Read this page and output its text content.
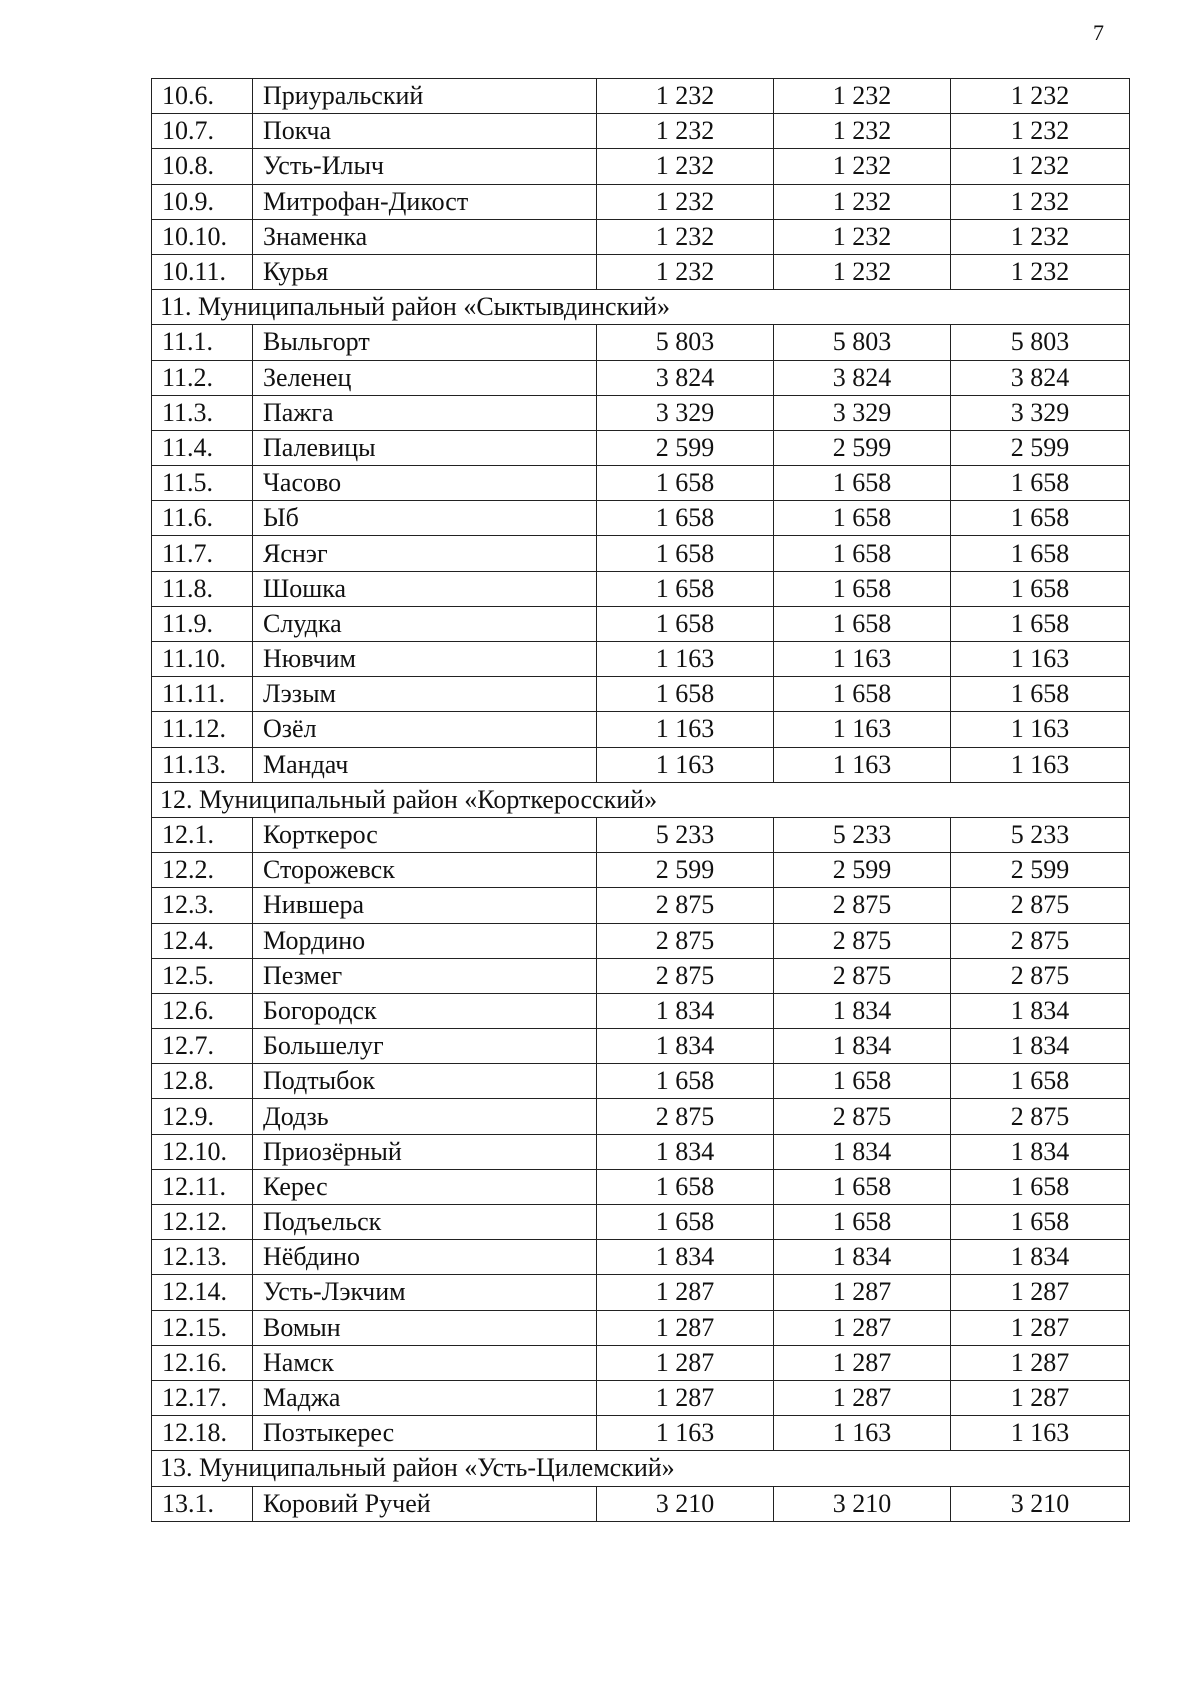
7
10.6.	Приуральский	1 232	1 232	1 232
10.7.	Покча	1 232	1 232	1 232
10.8.	Усть-Илыч	1 232	1 232	1 232
10.9.	Митрофан-Дикост	1 232	1 232	1 232
10.10.	Знаменка	1 232	1 232	1 232
10.11.	Курья	1 232	1 232	1 232
11. Муниципальный район «Сыктывдинский»				
11.1.	Выльгорт	5 803	5 803	5 803
11.2.	Зеленец	3 824	3 824	3 824
11.3.	Пажга	3 329	3 329	3 329
11.4.	Палевицы	2 599	2 599	2 599
11.5.	Часово	1 658	1 658	1 658
11.6.	Ыб	1 658	1 658	1 658
11.7.	Яснэг	1 658	1 658	1 658
11.8.	Шошка	1 658	1 658	1 658
11.9.	Слудка	1 658	1 658	1 658
11.10.	Нювчим	1 163	1 163	1 163
11.11.	Лэзым	1 658	1 658	1 658
11.12.	Озёл	1 163	1 163	1 163
11.13.	Мандач	1 163	1 163	1 163
12. Муниципальный район «Корткеросский»				
12.1.	Корткерос	5 233	5 233	5 233
12.2.	Сторожевск	2 599	2 599	2 599
12.3.	Нившера	2 875	2 875	2 875
12.4.	Мордино	2 875	2 875	2 875
12.5.	Пезмег	2 875	2 875	2 875
12.6.	Богородск	1 834	1 834	1 834
12.7.	Большелуг	1 834	1 834	1 834
12.8.	Подтыбок	1 658	1 658	1 658
12.9.	Додзь	2 875	2 875	2 875
12.10.	Приозёрный	1 834	1 834	1 834
12.11.	Керес	1 658	1 658	1 658
12.12.	Подъельск	1 658	1 658	1 658
12.13.	Нёбдино	1 834	1 834	1 834
12.14.	Усть-Лэкчим	1 287	1 287	1 287
12.15.	Вомын	1 287	1 287	1 287
12.16.	Намск	1 287	1 287	1 287
12.17.	Маджа	1 287	1 287	1 287
12.18.	Позтыкерес	1 163	1 163	1 163
13. Муниципальный район «Усть-Цилемский»				
13.1.	Коровий Ручей	3 210	3 210	3 210
